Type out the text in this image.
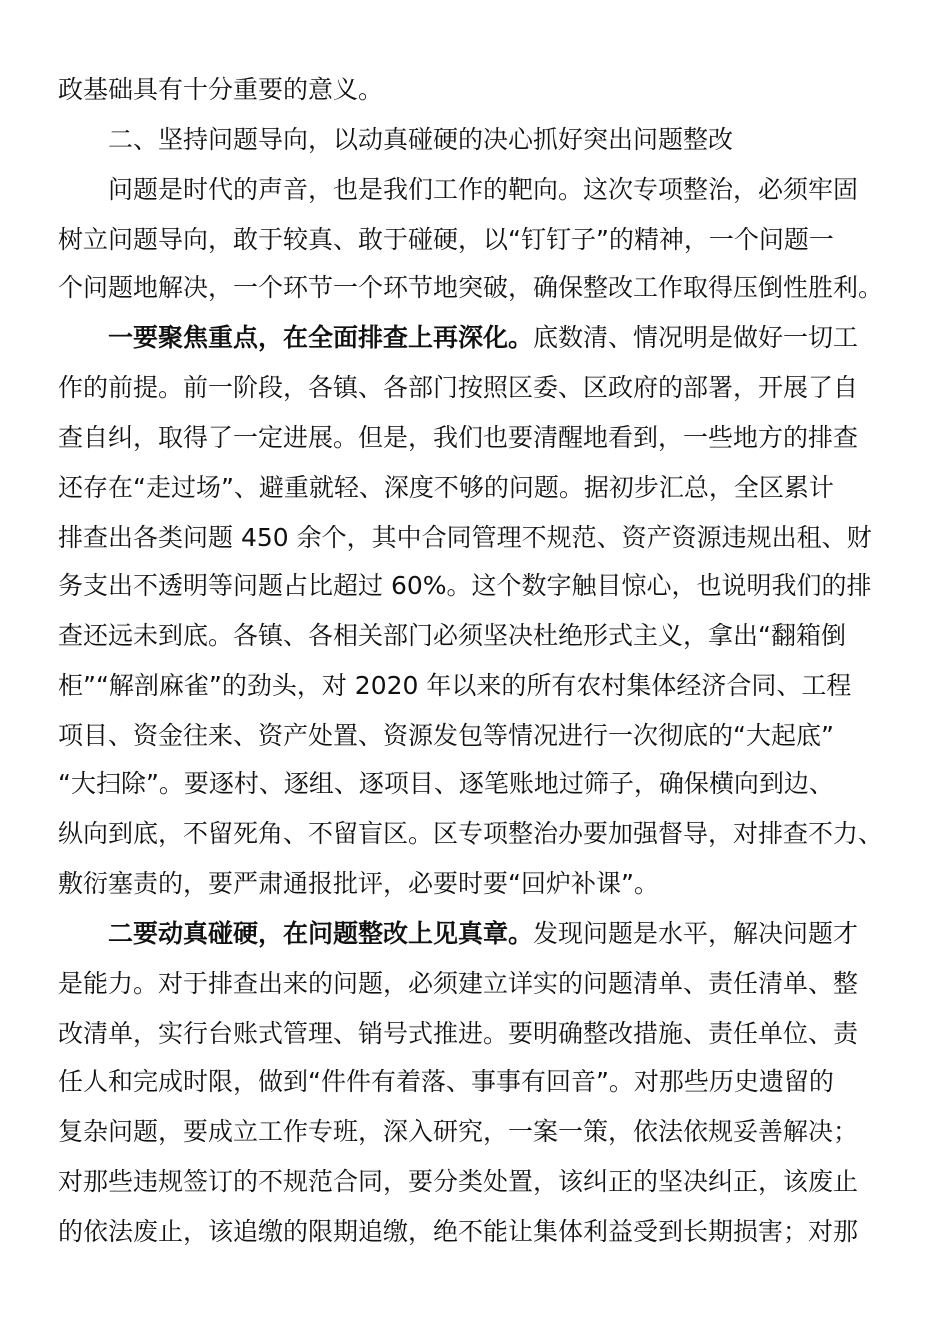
政基础具有十分重要的意义。
二、坚持问题导向，以动真碰硬的决心抓好突出问题整改
问题是时代的声音，也是我们工作的靶向。这次专项整治，必须牢固
树立问题导向，敢于较真、敢于碰硬，以“钉钉子”的精神，一个问题一
个问题地解决，一个环节一个环节地突破，确保整改工作取得压倒性胜利。
一要聚焦重点，在全面排查上再深化。底数清、情况明是做好一切工
作的前提。前一阶段，各镇、各部门按照区委、区政府的部署，开展了自
查自纠，取得了一定进展。但是，我们也要清醒地看到，一些地方的排查
还存在“走过场”、避重就轻、深度不够的问题。据初步汇总，全区累计
排查出各类问题 450 余个，其中合同管理不规范、资产资源违规出租、财
务支出不透明等问题占比超过 60%。这个数字触目惊心，也说明我们的排
查还远未到底。各镇、各相关部门必须坚决杜绝形式主义，拿出“翻箱倒
柜”“解剖麻雀”的劲头，对 2020 年以来的所有农村集体经济合同、工程
项目、资金往来、资产处置、资源发包等情况进行一次彻底的“大起底”
“大扫除”。要逐村、逐组、逐项目、逐笔账地过筛子，确保横向到边、
纵向到底，不留死角、不留盲区。区专项整治办要加强督导，对排查不力、
敷衍塞责的，要严肃通报批评，必要时要“回炉补课”。
二要动真碰硬，在问题整改上见真章。发现问题是水平，解决问题才
是能力。对于排查出来的问题，必须建立详实的问题清单、责任清单、整
改清单，实行台账式管理、销号式推进。要明确整改措施、责任单位、责
任人和完成时限，做到“件件有着落、事事有回音”。对那些历史遗留的
复杂问题，要成立工作专班，深入研究，一案一策，依法依规妥善解决；
对那些违规签订的不规范合同，要分类处置，该纠正的坚决纠正，该废止
的依法废止，该追缴的限期追缴，绝不能让集体利益受到长期损害；对那
